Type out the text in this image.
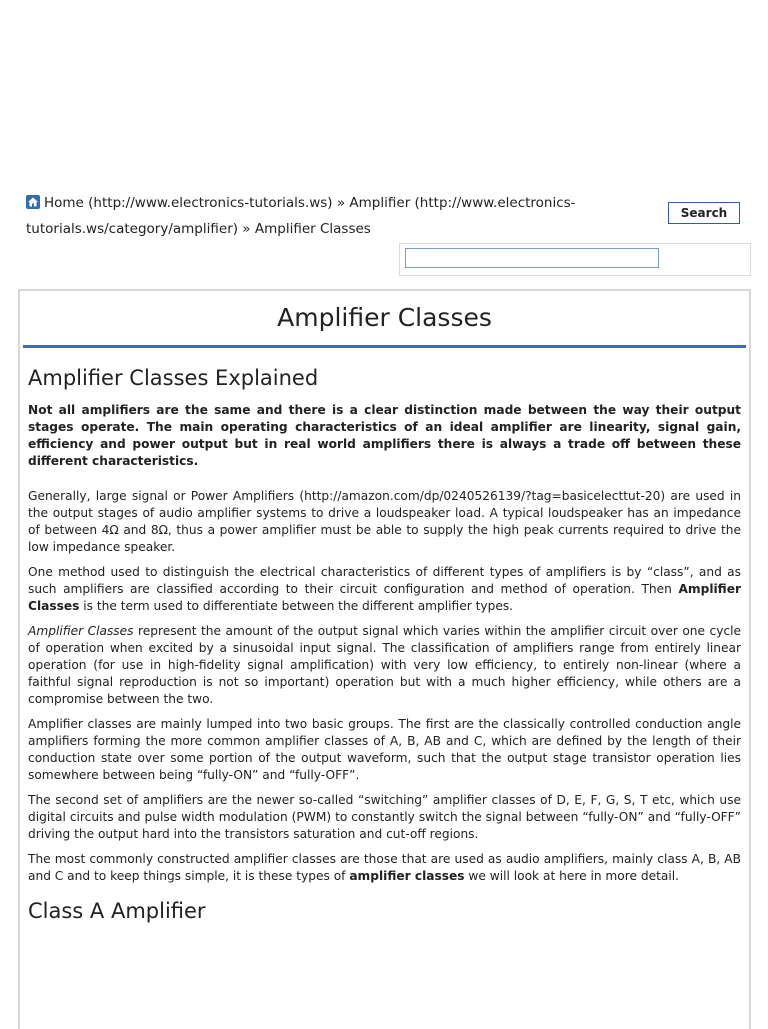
Home (http://www.electronics-tutorials.ws) » Amplifier (http://www.electronics-tutorials.ws/category/amplifier) » Amplifier Classes
Search
Amplifier Classes
Amplifier Classes Explained

Not all amplifiers are the same and there is a clear distinction made between the way their output stages operate. The main operating characteristics of an ideal amplifier are linearity, signal gain, efficiency and power output but in real world amplifiers there is always a trade off between these different characteristics.

Generally, large signal or Power Amplifiers (http://amazon.com/dp/0240526139/?tag=basicelecttut-20) are used in the output stages of audio amplifier systems to drive a loudspeaker load. A typical loudspeaker has an impedance of between 4Ω and 8Ω, thus a power amplifier must be able to supply the high peak currents required to drive the low impedance speaker.

One method used to distinguish the electrical characteristics of different types of amplifiers is by “class”, and as such amplifiers are classified according to their circuit configuration and method of operation. Then Amplifier Classes is the term used to differentiate between the different amplifier types.

Amplifier Classes represent the amount of the output signal which varies within the amplifier circuit over one cycle of operation when excited by a sinusoidal input signal. The classification of amplifiers range from entirely linear operation (for use in high-fidelity signal amplification) with very low efficiency, to entirely non-linear (where a faithful signal reproduction is not so important) operation but with a much higher efficiency, while others are a compromise between the two.

Amplifier classes are mainly lumped into two basic groups. The first are the classically controlled conduction angle amplifiers forming the more common amplifier classes of A, B, AB and C, which are defined by the length of their conduction state over some portion of the output waveform, such that the output stage transistor operation lies somewhere between being “fully-ON” and “fully-OFF”.

The second set of amplifiers are the newer so-called “switching” amplifier classes of D, E, F, G, S, T etc, which use digital circuits and pulse width modulation (PWM) to constantly switch the signal between “fully-ON” and “fully-OFF” driving the output hard into the transistors saturation and cut-off regions.

The most commonly constructed amplifier classes are those that are used as audio amplifiers, mainly class A, B, AB and C and to keep things simple, it is these types of amplifier classes we will look at here in more detail.

Class A Amplifier
